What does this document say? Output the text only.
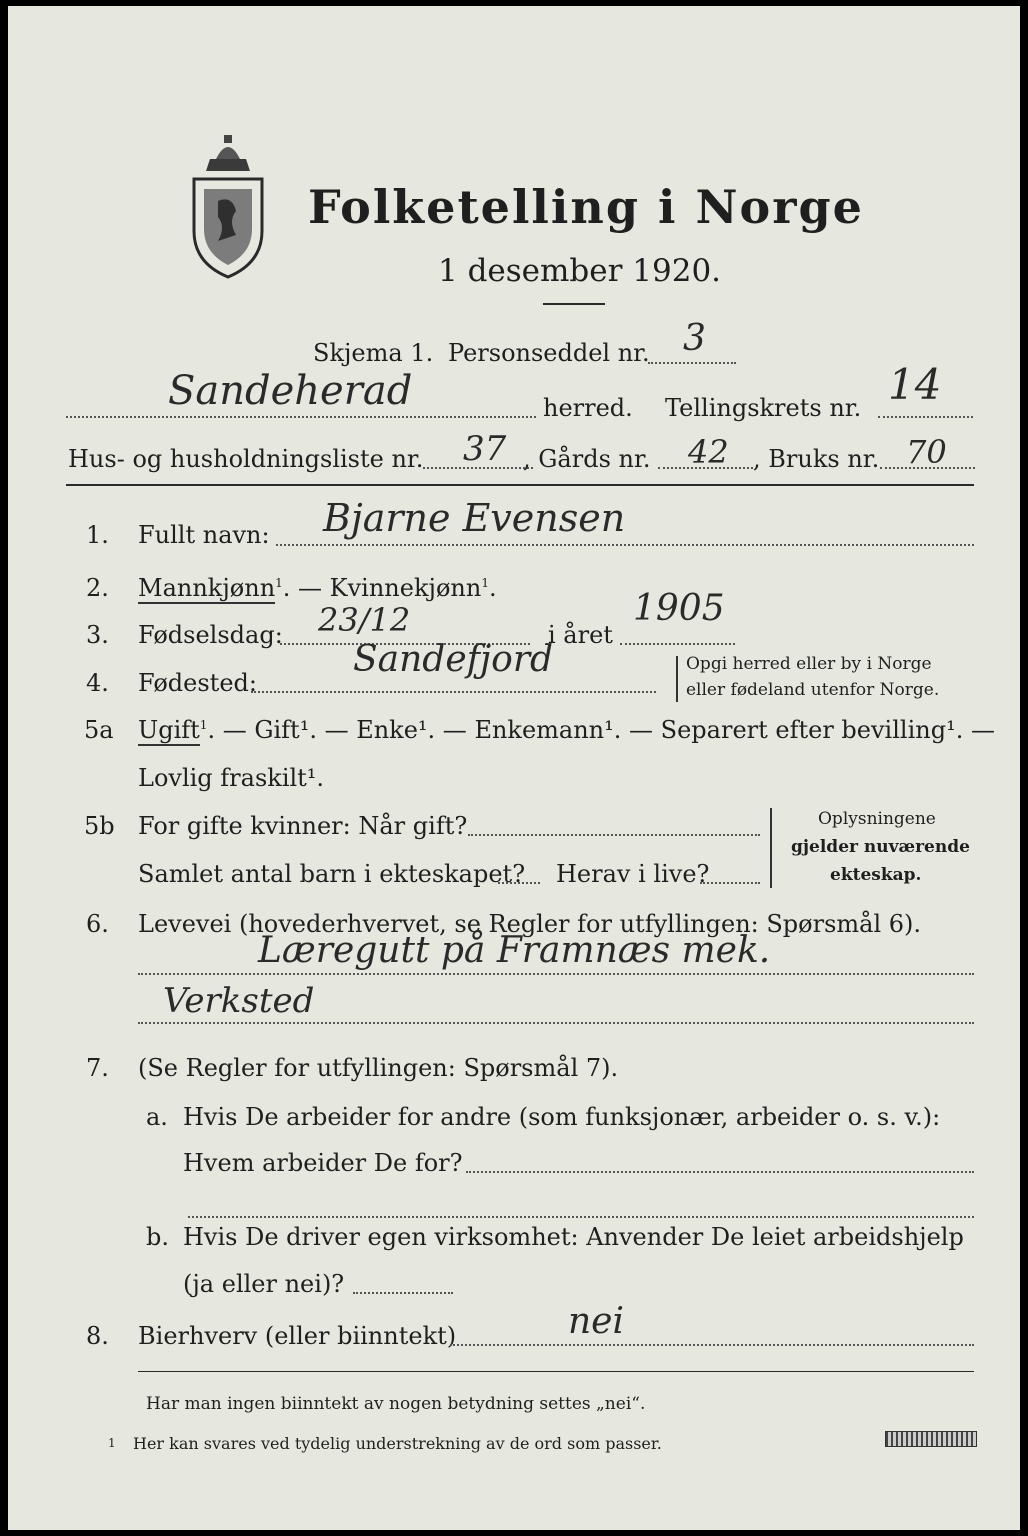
Folketelling i Norge
1 desember 1920.
Skjema 1. Personseddel nr. 3
Sandeherad	herred. Tellingskrets nr. 14
Hus- og husholdningsliste nr. 37 , Gårds nr. 42 , Bruks nr. 70
1. Fullt navn: Bjarne Evensen
2. Mannkjønn$^1$. — Kvinnekjønn$^1$.
3. Fødselsdag: 23/12	i året
1905
4. Fødested:
Sandefjord	Opgi herred eller by i Norge
eller fødeland utenfor Norge.
5a Ugift$^1$. — Gift¹. — Enke¹. — Enkemann¹. — Separert efter bevilling¹. —
Lovlig fraskilt¹.
5b For gifte kvinner: Når gift?
Samlet antal barn i ekteskapet? Herav i live?
Oplysningene
gjelder nuværende
ekteskap.
6. Levevei (hovederhvervet, se Regler for utfyllingen: Spørsmål 6).
Læregutt på Framnæs mek.
Verksted
7. (Se Regler for utfyllingen: Spørsmål 7).
a. Hvis De arbeider for andre (som funksjonær, arbeider o. s. v.):
Hvem arbeider De for?
b. Hvis De driver egen virksomhet: Anvender De leiet arbeidshjelp
(ja eller nei)?
8. Bierhverv (eller biinntekt)	nei
Har man ingen biinntekt av nogen betydning settes „nei“.
1 Her kan svares ved tydelig understrekning av de ord som passer.
